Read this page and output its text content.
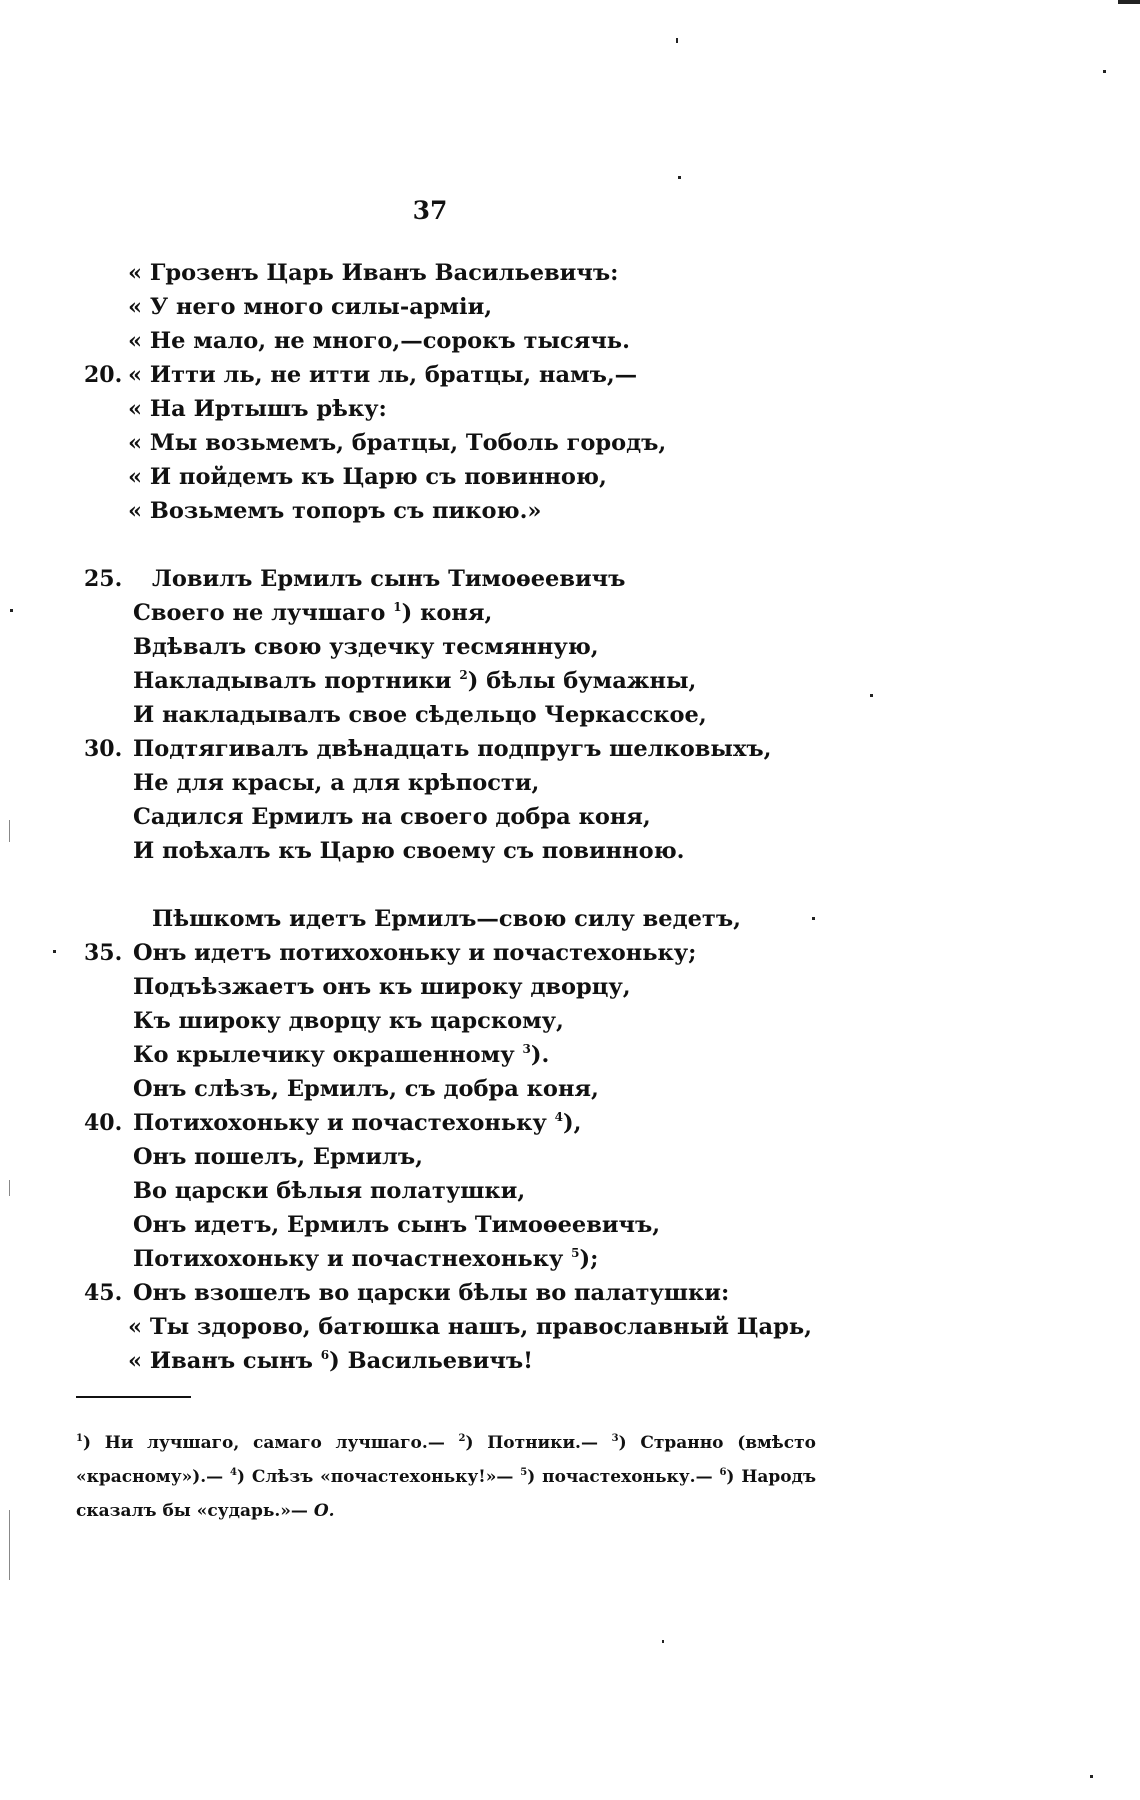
37
« Грозенъ Царь Иванъ Васильевичъ:
« У него много силы-арміи,
« Не мало, не много,—сорокъ тысячь.
20. « Итти ль, не итти ль, братцы, намъ,—
« На Иртышъ рѣку:
« Мы возьмемъ, братцы, Тоболь городъ,
« И пойдемъ къ Царю съ повинною,
« Возьмемъ топоръ съ пикою.»
25. Ловилъ Ермилъ сынъ Тимоѳеевичъ
Своего не лучшаго $^1$) коня,
Вдѣвалъ свою уздечку тесмянную,
Накладывалъ портники $^2$) бѣлы бумажны,
И накладывалъ свое сѣдельцо Черкасское,
30. Подтягивалъ двѣнадцать подпругъ шелковыхъ,
Не для красы, а для крѣпости,
Садился Ермилъ на своего добра коня,
И поѣхалъ къ Царю своему съ повинною.
Пѣшкомъ идетъ Ермилъ—свою силу ведетъ,
35. Онъ идетъ потихохоньку и почастехоньку;
Подъѣзжаетъ онъ къ широку дворцу,
Къ широку дворцу къ царскому,
Ко крылечику окрашенному $^3$).
Онъ слѣзъ, Ермилъ, съ добра коня,
40. Потихохоньку и почастехоньку $^4$),
Онъ пошелъ, Ермилъ,
Во царски бѣлыя полатушки,
Онъ идетъ, Ермилъ сынъ Тимоѳеевичъ,
Потихохоньку и почастнехоньку $^5$);
45. Онъ взошелъ во царски бѣлы во палатушки:
« Ты здорово, батюшка нашъ, православный Царь,
« Иванъ сынъ $^6$) Васильевичъ!
$^1$) Ни лучшаго, самаго лучшаго.— $^2$) Потники.— $^3$) Странно (вмѣсто «красному»).— $^4$) Слѣзъ «почастехоньку!»— $^5$) почастехоньку.— $^6$) Народъ сказалъ бы «сударь.»— О.
